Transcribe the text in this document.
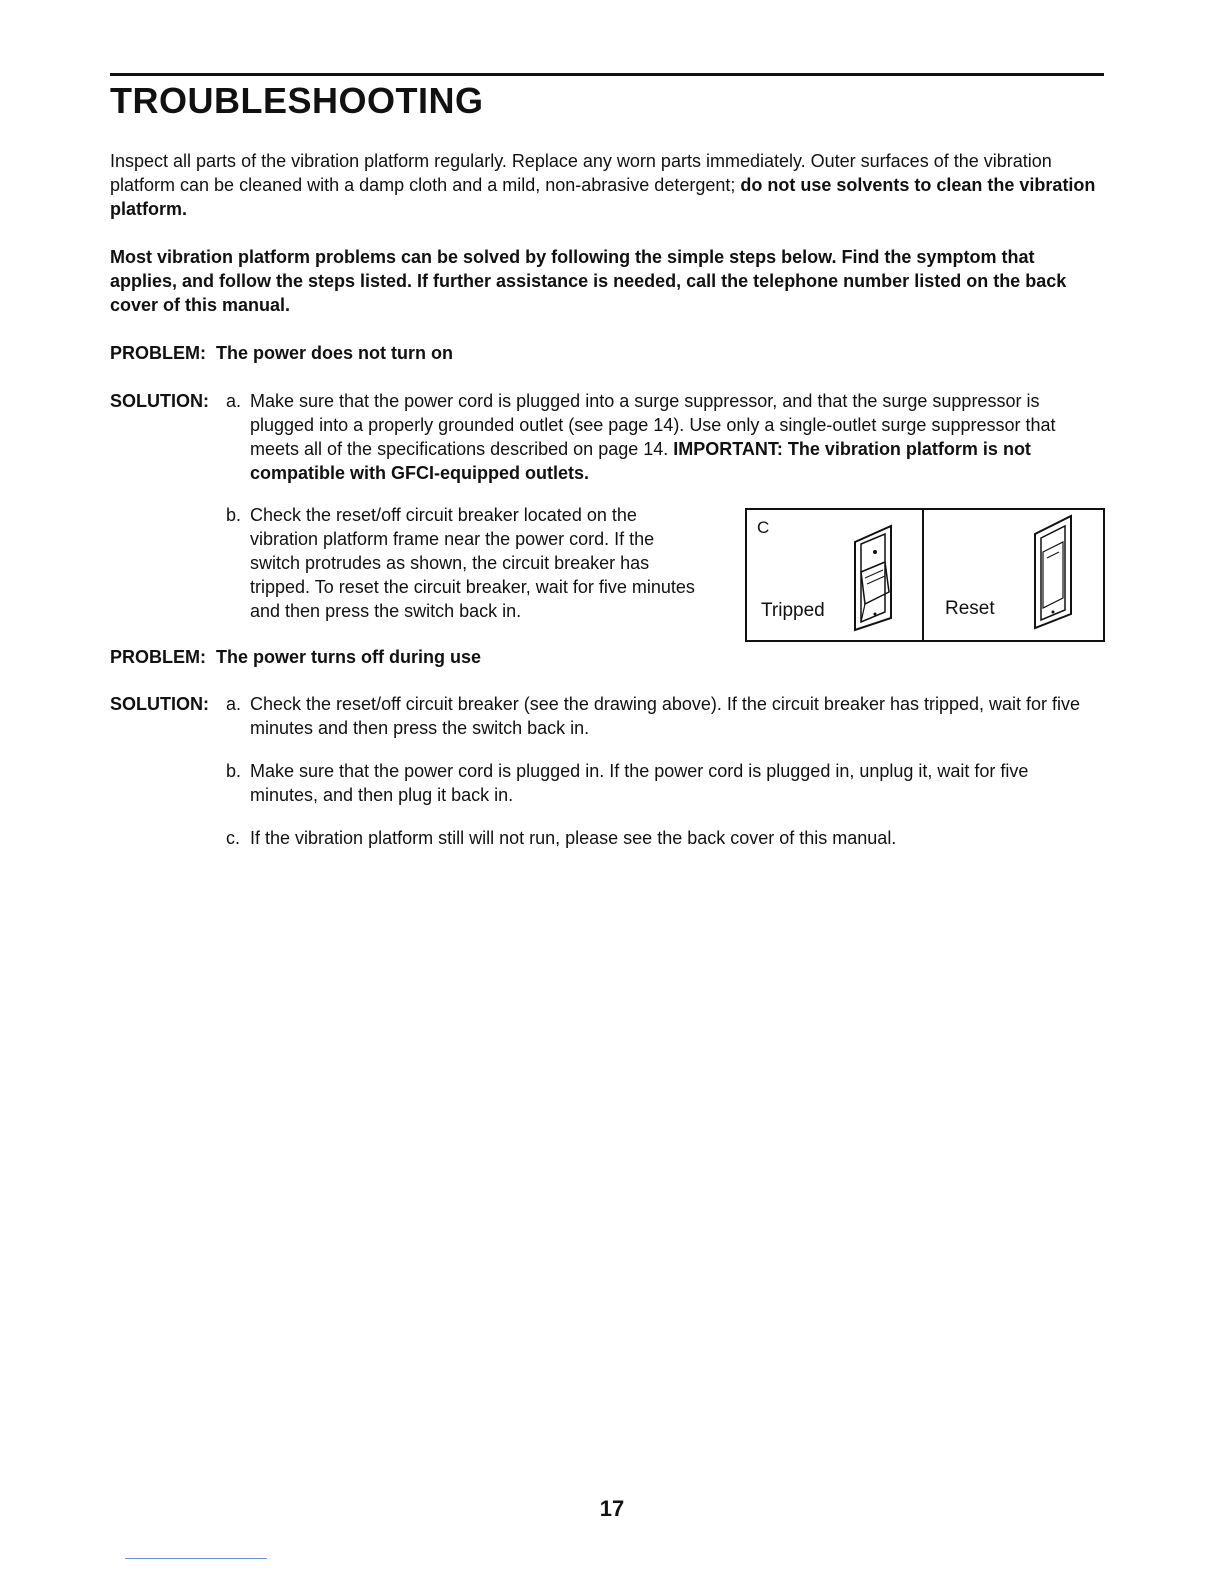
TROUBLESHOOTING

Inspect all parts of the vibration platform regularly. Replace any worn parts immediately. Outer surfaces of the vibration platform can be cleaned with a damp cloth and a mild, non-abrasive detergent; do not use solvents to clean the vibration platform.

Most vibration platform problems can be solved by following the simple steps below. Find the symptom that applies, and follow the steps listed. If further assistance is needed, call the telephone number listed on the back cover of this manual.

PROBLEM: The power does not turn on

SOLUTION: a. Make sure that the power cord is plugged into a surge suppressor, and that the surge suppressor is plugged into a properly grounded outlet (see page 14). Use only a single-outlet surge suppressor that meets all of the specifications described on page 14. IMPORTANT: The vibration platform is not compatible with GFCI-equipped outlets.
b. Check the reset/off circuit breaker located on the vibration platform frame near the power cord. If the switch protrudes as shown, the circuit breaker has tripped. To reset the circuit breaker, wait for five minutes and then press the switch back in.
C
Tripped	Reset

PROBLEM: The power turns off during use

SOLUTION: a. Check the reset/off circuit breaker (see the drawing above). If the circuit breaker has tripped, wait for five minutes and then press the switch back in.
b. Make sure that the power cord is plugged in. If the power cord is plugged in, unplug it, wait for five minutes, and then plug it back in.
c. If the vibration platform still will not run, please see the back cover of this manual.
17
